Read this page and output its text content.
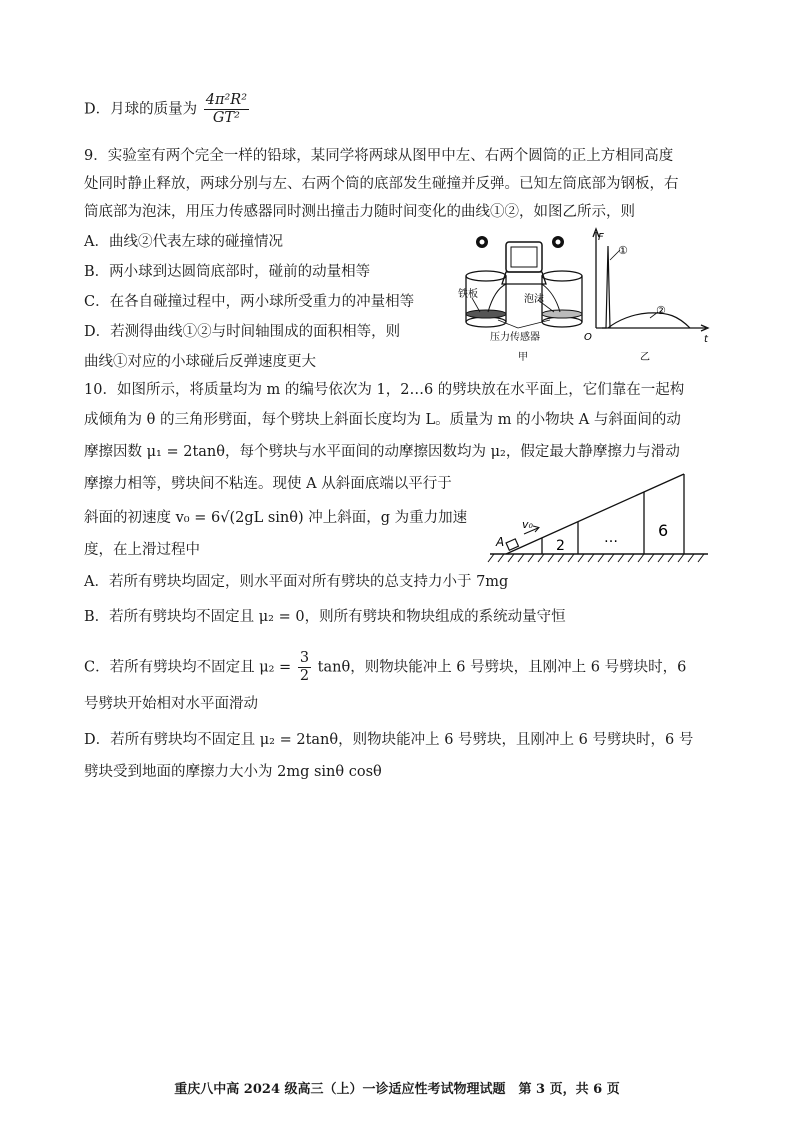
D．月球的质量为 $\frac{\text{4π²R²}}{\text{GT²}}$
9．实验室有两个完全一样的铅球，某同学将两球从图甲中左、右两个圆筒的正上方相同高度
处同时静止释放，两球分别与左、右两个筒的底部发生碰撞并反弹。已知左筒底部为钢板，右
筒底部为泡沫，用压力传感器同时测出撞击力随时间变化的曲线①②，如图乙所示，则
A．曲线②代表左球的碰撞情况
B．两小球到达圆筒底部时，碰前的动量相等
C．在各自碰撞过程中，两小球所受重力的冲量相等
D．若测得曲线①②与时间轴围成的面积相等，则
曲线①对应的小球碰后反弹速度更大
铁板	泡沫
压力传感器
甲
F
t
O
①
②
乙
10．如图所示，将质量均为 m 的编号依次为 1，2…6 的劈块放在水平面上，它们靠在一起构
成倾角为 θ 的三角形劈面，每个劈块上斜面长度均为 L。质量为 m 的小物块 A 与斜面间的动
摩擦因数 μ₁ = 2tanθ，每个劈块与水平面间的动摩擦因数均为 μ₂，假定最大静摩擦力与滑动
摩擦力相等，劈块间不粘连。现使 A 从斜面底端以平行于
斜面的初速度 v₀ = 6√(2gL sinθ) 冲上斜面，g 为重力加速
度，在上滑过程中	A
v₀
2	…	6
A．若所有劈块均固定，则水平面对所有劈块的总支持力小于 7mg
B．若所有劈块均不固定且 μ₂ = 0，则所有劈块和物块组成的系统动量守恒
C．若所有劈块均不固定且 $\mu_2 = \frac{3}{2}$ tanθ，则物块能冲上 6 号劈块，且刚冲上 6 号劈块时，6
号劈块开始相对水平面滑动
D．若所有劈块均不固定且 μ₂ = 2tanθ，则物块能冲上 6 号劈块，且刚冲上 6 号劈块时，6 号
劈块受到地面的摩擦力大小为 2mg sinθ cosθ
重庆八中高 2024 级高三（上）一诊适应性考试物理试题　第 3 页，共 6 页
